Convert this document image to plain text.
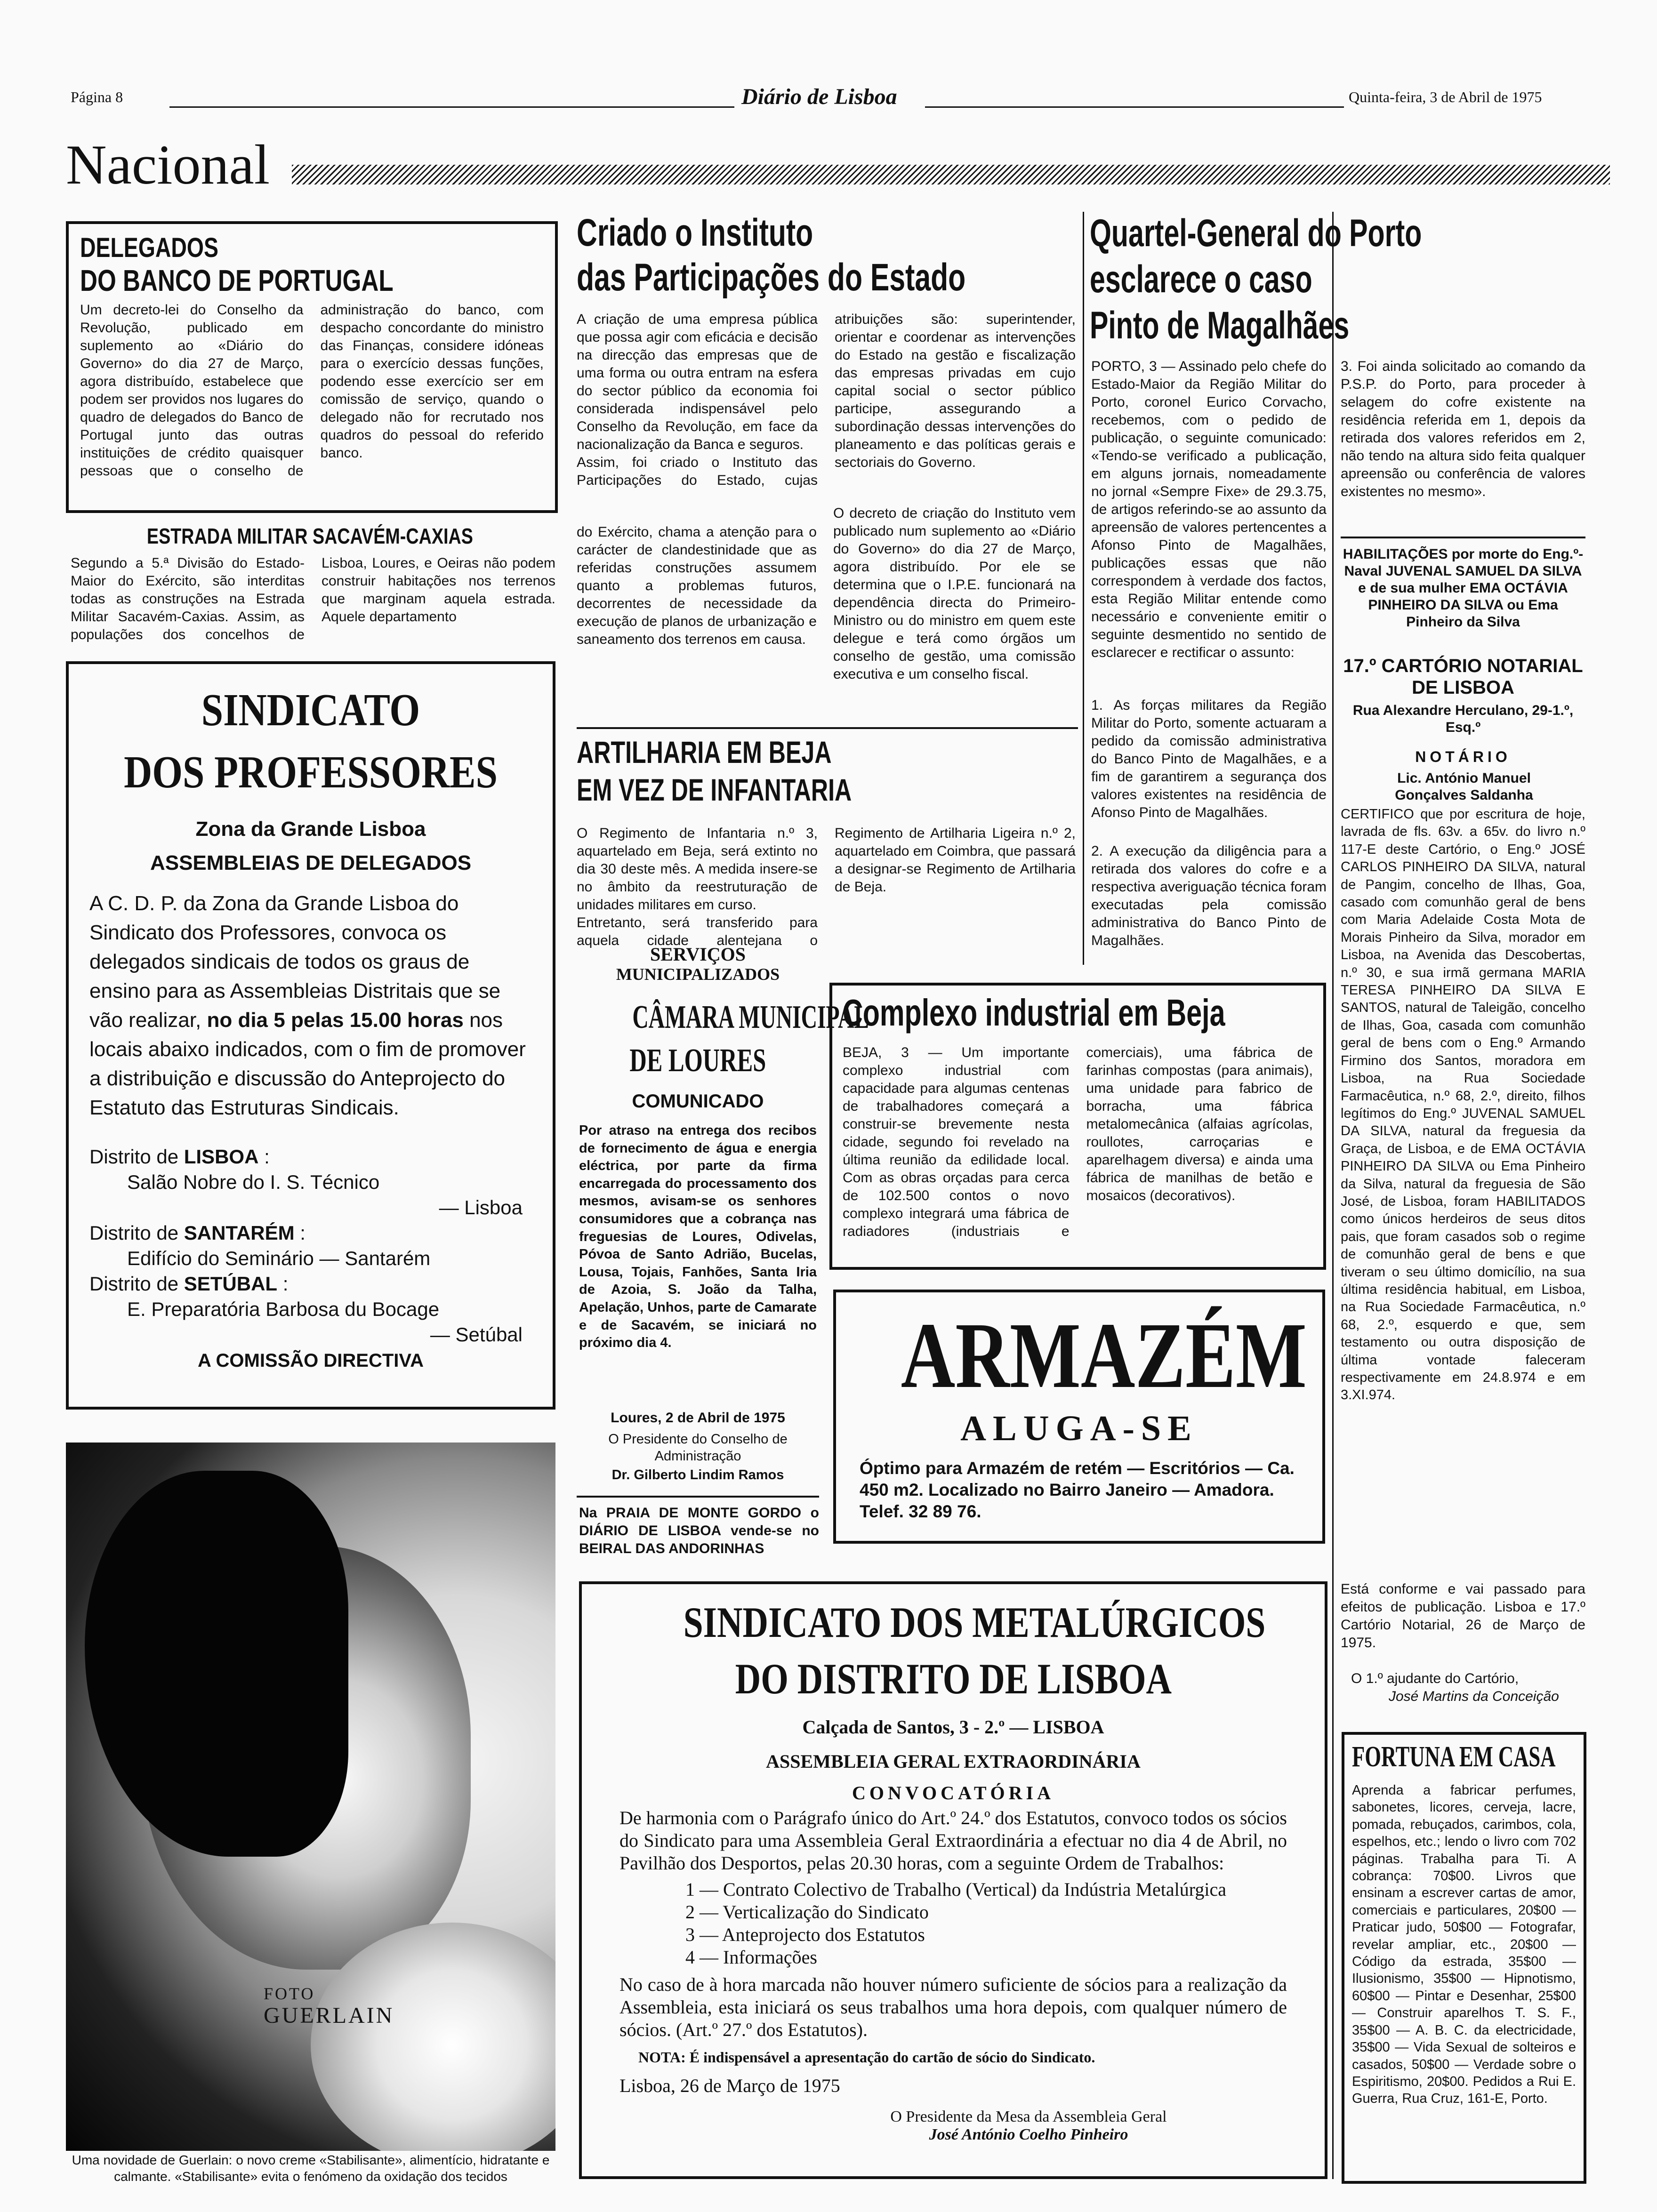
Página 8	Diário de Lisboa	Quinta-feira, 3 de Abril de 1975
Nacional
DELEGADOS
DO BANCO DE PORTUGAL
Um decreto-lei do Conselho da Revolução, publicado em suplemento ao «Diário do Governo» do dia 27 de Março, agora distribuído, estabelece que podem ser providos nos lugares do quadro de delegados do Banco de Portugal junto das outras instituições de crédito quaisquer pessoas que o conselho de administração do banco, com despacho concordante do ministro das Finanças, considere idóneas para o exercício dessas funções, podendo esse exercício ser em comissão de serviço, quando o delegado não for recrutado nos quadros do pessoal do referido banco.
ESTRADA MILITAR SACAVÉM-CAXIAS
Segundo a 5.ª Divisão do Estado-Maior do Exército, são interditas todas as construções na Estrada Militar Sacavém-Caxias. Assim, as populações dos concelhos de Lisboa, Loures, e Oeiras não podem construir habitações nos terrenos que marginam aquela estrada. Aquele departamento
Criado o Instituto
das Participações do Estado

A criação de uma empresa pública que possa agir com eficácia e decisão na direcção das empresas que de uma forma ou outra entram na esfera do sector público da economia foi considerada indispensável pelo Conselho da Revolução, em face da nacionalização da Banca e seguros.

Assim, foi criado o Instituto das Participações do Estado, cujas atribuições são: superintender, orientar e coordenar as intervenções do Estado na gestão e fiscalização das empresas privadas em cujo capital social o sector público participe, assegurando a subordinação dessas intervenções do planeamento e das políticas gerais e sectoriais do Governo.

do Exército, chama a atenção para o carácter de clandestinidade que as referidas construções assumem quanto a problemas futuros, decorrentes de necessidade da execução de planos de urbanização e saneamento dos terrenos em causa.
O decreto de criação do Instituto vem publicado num suplemento ao «Diário do Governo» do dia 27 de Março, agora distribuído. Por ele se determina que o I.P.E. funcionará na dependência directa do Primeiro-Ministro ou do ministro em quem este delegue e terá como órgãos um conselho de gestão, uma comissão executiva e um conselho fiscal.
Quartel-General do Porto
esclarece o caso
Pinto de Magalhães
PORTO, 3 — Assinado pelo chefe do Estado-Maior da Região Militar do Porto, coronel Eurico Corvacho, recebemos, com o pedido de publicação, o seguinte comunicado: «Tendo-se verificado a publicação, em alguns jornais, nomeadamente no jornal «Sempre Fixe» de 29.3.75, de artigos referindo-se ao assunto da apreensão de valores pertencentes a Afonso Pinto de Magalhães, publicações essas que não correspondem à verdade dos factos, esta Região Militar entende como necessário e conveniente emitir o seguinte desmentido no sentido de esclarecer e rectificar o assunto:
1. As forças militares da Região Militar do Porto, somente actuaram a pedido da comissão administrativa do Banco Pinto de Magalhães, e a fim de garantirem a segurança dos valores existentes na residência de Afonso Pinto de Magalhães.
2. A execução da diligência para a retirada dos valores do cofre e a respectiva averiguação técnica foram executadas pela comissão administrativa do Banco Pinto de Magalhães.
3. Foi ainda solicitado ao comando da P.S.P. do Porto, para proceder à selagem do cofre existente na residência referida em 1, depois da retirada dos valores referidos em 2, não tendo na altura sido feita qualquer apreensão ou conferência de valores existentes no mesmo».
HABILITAÇÕES por morte do Eng.º-Naval JUVENAL SAMUEL DA SILVA e de sua mulher EMA OCTÁVIA PINHEIRO DA SILVA ou Ema Pinheiro da Silva
17.º CARTÓRIO NOTARIAL DE LISBOA
Rua Alexandre Herculano, 29-1.º, Esq.º
NOTÁRIO
Lic. António Manuel Gonçalves Saldanha
CERTIFICO que por escritura de hoje, lavrada de fls. 63v. a 65v. do livro n.º 117-E deste Cartório, o Eng.º JOSÉ CARLOS PINHEIRO DA SILVA, natural de Pangim, concelho de Ilhas, Goa, casado com comunhão geral de bens com Maria Adelaide Costa Mota de Morais Pinheiro da Silva, morador em Lisboa, na Avenida das Descobertas, n.º 30, e sua irmã germana MARIA TERESA PINHEIRO DA SILVA E SANTOS, natural de Taleigão, concelho de Ilhas, Goa, casada com comunhão geral de bens com o Eng.º Armando Firmino dos Santos, moradora em Lisboa, na Rua Sociedade Farmacêutica, n.º 68, 2.º, direito, filhos legítimos do Eng.º JUVENAL SAMUEL DA SILVA, natural da freguesia da Graça, de Lisboa, e de EMA OCTÁVIA PINHEIRO DA SILVA ou Ema Pinheiro da Silva, natural da freguesia de São José, de Lisboa, foram HABILITADOS como únicos herdeiros de seus ditos pais, que foram casados sob o regime de comunhão geral de bens e que tiveram o seu último domicílio, na sua última residência habitual, em Lisboa, na Rua Sociedade Farmacêutica, n.º 68, 2.º, esquerdo e que, sem testamento ou outra disposição de última vontade faleceram respectivamente em 24.8.974 e em 3.XI.974.
Está conforme e vai passado para efeitos de publicação. Lisboa e 17.º Cartório Notarial, 26 de Março de 1975.
O 1.º ajudante do Cartório,
José Martins da Conceição
FORTUNA EM CASA
Aprenda a fabricar perfumes, sabonetes, licores, cerveja, lacre, pomada, rebuçados, carimbos, cola, espelhos, etc.; lendo o livro com 702 páginas. Trabalha para Ti. A cobrança: 70$00. Livros que ensinam a escrever cartas de amor, comerciais e particulares, 20$00 — Praticar judo, 50$00 — Fotografar, revelar ampliar, etc., 20$00 — Código da estrada, 35$00 — Ilusionismo, 35$00 — Hipnotismo, 60$00 — Pintar e Desenhar, 25$00 — Construir aparelhos T. S. F., 35$00 — A. B. C. da electricidade, 35$00 — Vida Sexual de solteiros e casados, 50$00 — Verdade sobre o Espiritismo, 20$00. Pedidos a Rui E. Guerra, Rua Cruz, 161-E, Porto.
SINDICATO
DOS PROFESSORES
Zona da Grande Lisboa
ASSEMBLEIAS DE DELEGADOS
A C. D. P. da Zona da Grande Lisboa do Sindicato dos Professores, convoca os delegados sindicais de todos os graus de ensino para as Assembleias Distritais que se vão realizar, no dia 5 pelas 15.00 horas nos locais abaixo indicados, com o fim de promover a distribuição e discussão do Anteprojecto do Estatuto das Estruturas Sindicais.
Distrito de LISBOA :
Salão Nobre do I. S. Técnico
— Lisboa
Distrito de SANTARÉM :
Edifício do Seminário — Santarém
Distrito de SETÚBAL :
E. Preparatória Barbosa du Bocage
— Setúbal
A COMISSÃO DIRECTIVA
FOTO
GUERLAIN
Uma novidade de Guerlain: o novo creme «Stabilisante», alimentício, hidratante e calmante. «Stabilisante» evita o fenómeno da oxidação dos tecidos
ARTILHARIA EM BEJA
EM VEZ DE INFANTARIA

O Regimento de Infantaria n.º 3, aquartelado em Beja, será extinto no dia 30 deste mês. A medida insere-se no âmbito da reestruturação de unidades militares em curso.

Entretanto, será transferido para aquela cidade alentejana o Regimento de Artilharia Ligeira n.º 2, aquartelado em Coimbra, que passará a designar-se Regimento de Artilharia de Beja.

SERVIÇOS
MUNICIPALIZADOS
CÂMARA MUNICIPAL
DE LOURES
COMUNICADO
Por atraso na entrega dos recibos de fornecimento de água e energia eléctrica, por parte da firma encarregada do processamento dos mesmos, avisam-se os senhores consumidores que a cobrança nas freguesias de Loures, Odivelas, Póvoa de Santo Adrião, Bucelas, Lousa, Tojais, Fanhões, Santa Iria de Azoia, S. João da Talha, Apelação, Unhos, parte de Camarate e de Sacavém, se iniciará no próximo dia 4.
Loures, 2 de Abril de 1975
O Presidente do Conselho de Administração
Dr. Gilberto Lindim Ramos
Na PRAIA DE MONTE GORDO o DIÁRIO DE LISBOA vende-se no BEIRAL DAS ANDORINHAS
Complexo industrial em Beja
BEJA, 3 — Um importante complexo industrial com capacidade para algumas centenas de trabalhadores começará a construir-se brevemente nesta cidade, segundo foi revelado na última reunião da edilidade local. Com as obras orçadas para cerca de 102.500 contos o novo complexo integrará uma fábrica de radiadores (industriais e comerciais), uma fábrica de farinhas compostas (para animais), uma unidade para fabrico de borracha, uma fábrica metalomecânica (alfaias agrícolas, roullotes, carroçarias e aparelhagem diversa) e ainda uma fábrica de manilhas de betão e mosaicos (decorativos).
ARMAZÉM
ALUGA-SE
Óptimo para Armazém de retém — Escritórios — Ca. 450 m2. Localizado no Bairro Janeiro — Amadora. Telef. 32 89 76.
SINDICATO DOS METALÚRGICOS
DO DISTRITO DE LISBOA
Calçada de Santos, 3 - 2.º — LISBOA
ASSEMBLEIA GERAL EXTRAORDINÁRIA
CONVOCATÓRIA
De harmonia com o Parágrafo único do Art.º 24.º dos Estatutos, convoco todos os sócios do Sindicato para uma Assembleia Geral Extraordinária a efectuar no dia 4 de Abril, no Pavilhão dos Desportos, pelas 20.30 horas, com a seguinte Ordem de Trabalhos:
1 — Contrato Colectivo de Trabalho (Vertical) da Indústria Metalúrgica
2 — Verticalização do Sindicato
3 — Anteprojecto dos Estatutos
4 — Informações
No caso de à hora marcada não houver número suficiente de sócios para a realização da Assembleia, esta iniciará os seus trabalhos uma hora depois, com qualquer número de sócios. (Art.º 27.º dos Estatutos).
NOTA: É indispensável a apresentação do cartão de sócio do Sindicato.
Lisboa, 26 de Março de 1975
O Presidente da Mesa da Assembleia Geral
José António Coelho Pinheiro
